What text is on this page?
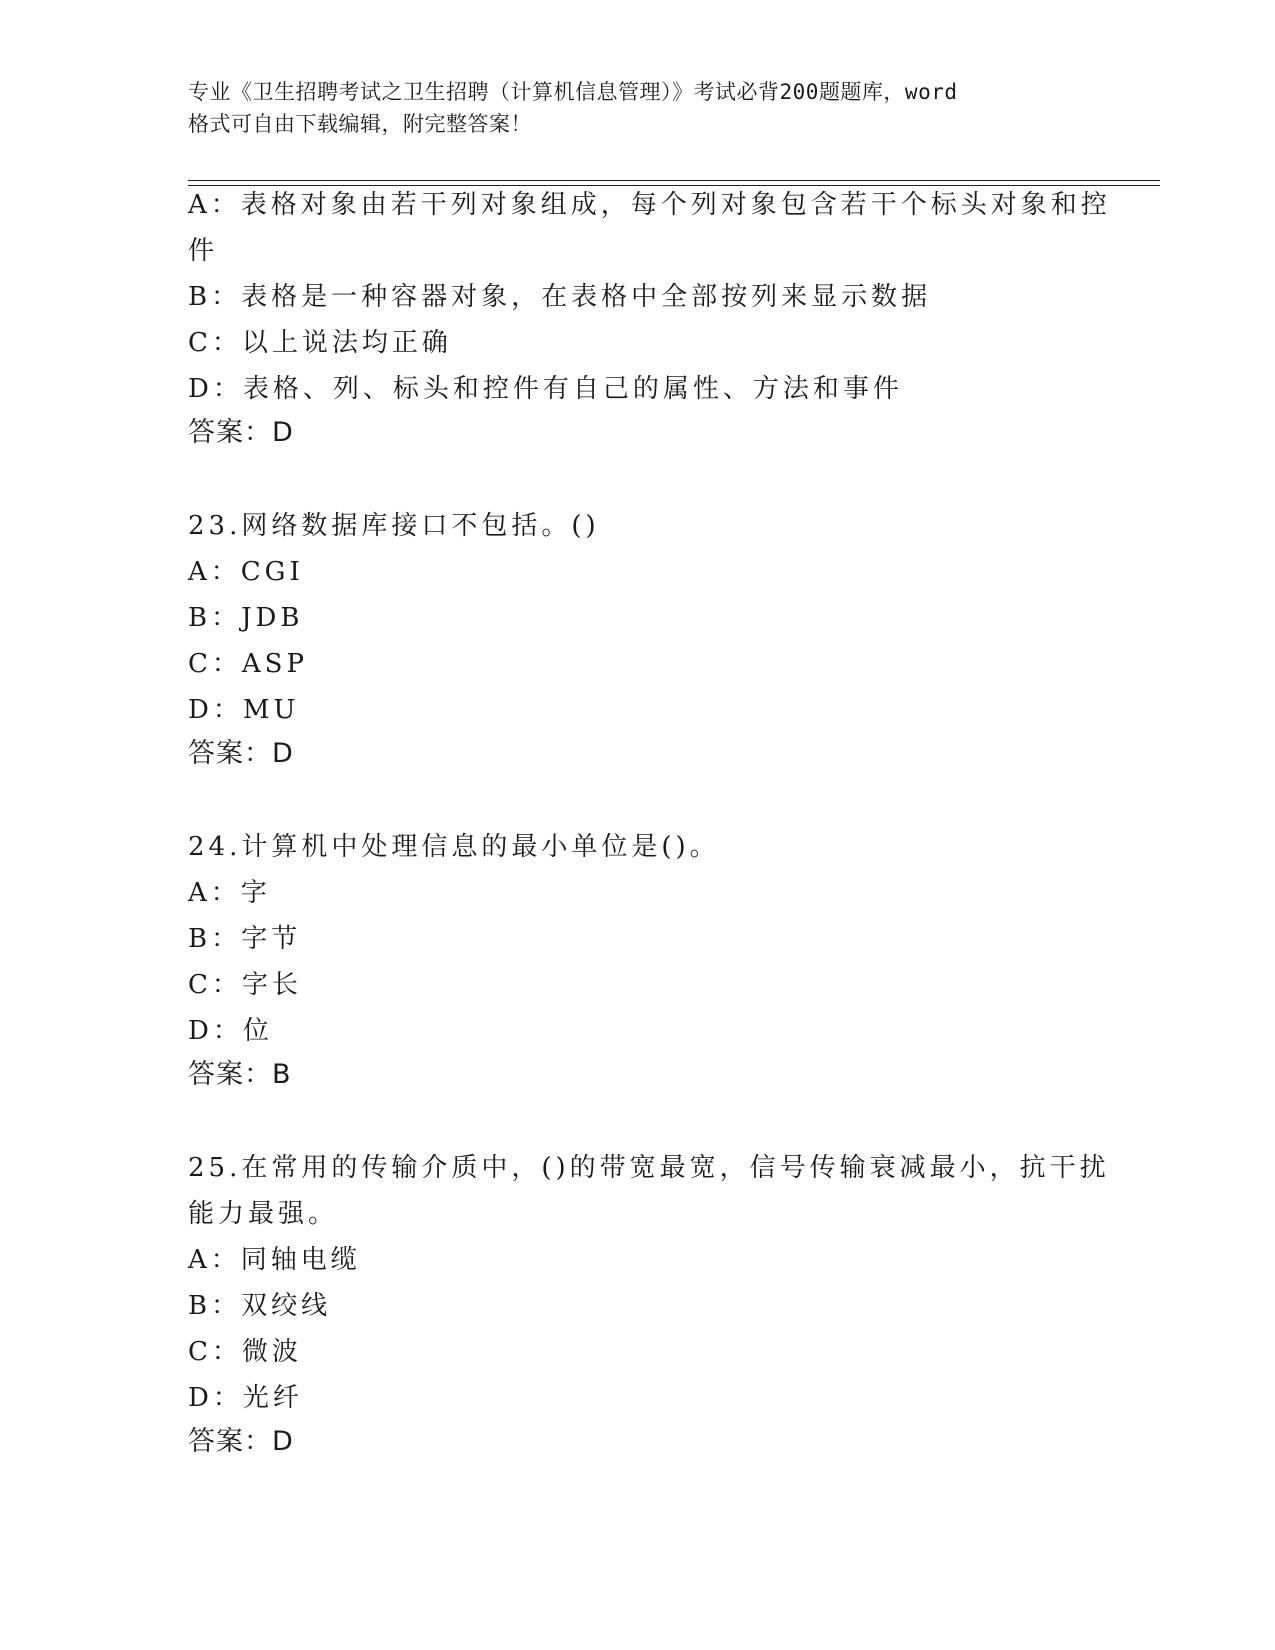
专业《卫生招聘考试之卫生招聘（计算机信息管理）》考试必背200题题库，word
格式可自由下载编辑，附完整答案！
A：表格对象由若干列对象组成，每个列对象包含若干个标头对象和控
件
B：表格是一种容器对象，在表格中全部按列来显示数据
C：以上说法均正确
D：表格、列、标头和控件有自己的属性、方法和事件
答案：D
23.网络数据库接口不包括。()
A：CGI
B：JDB
C：ASP
D：MU
答案：D
24.计算机中处理信息的最小单位是()。
A：字
B：字节
C：字长
D：位
答案：B
25.在常用的传输介质中，()的带宽最宽，信号传输衰减最小，抗干扰
能力最强。
A：同轴电缆
B：双绞线
C：微波
D：光纤
答案：D
